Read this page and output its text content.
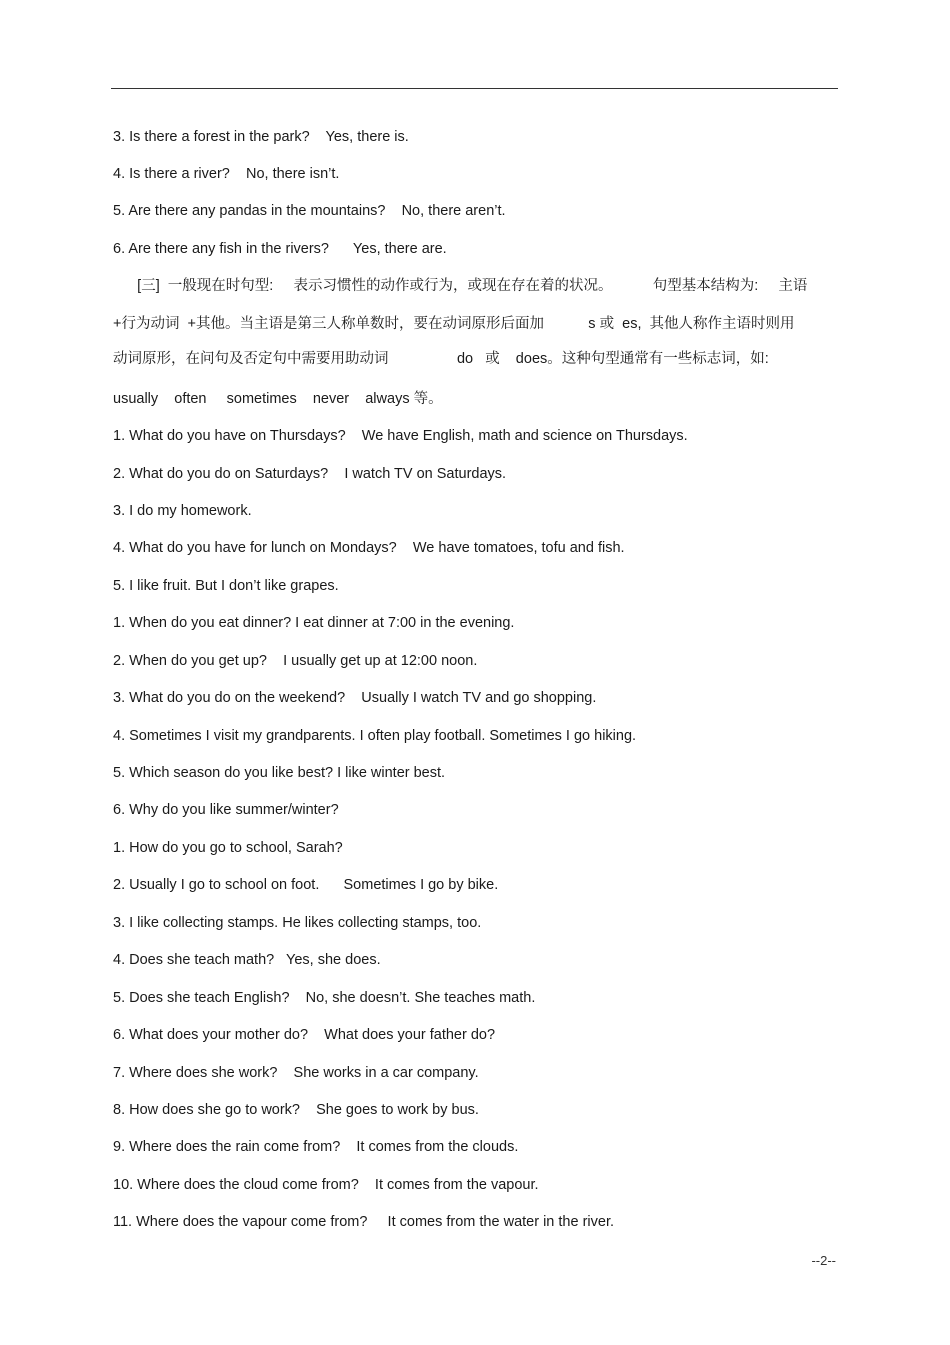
3. Is there a forest in the park?    Yes, there is.
4. Is there a river?    No, there isn’t.
5. Are there any pandas in the mountains?    No, there aren’t.
6. Are there any fish in the rivers?      Yes, there are.

[三]  一般现在时句型:     表示习惯性的动作或行为，或现在存在着的状况。          句型基本结构为:     主语

+行为动词  +其他。当主语是第三人称单数时，要在动词原形后面加           s 或  es,  其他人称作主语时则用

动词原形，在问句及否定句中需要用助动词                 do   或    does。这种句型通常有一些标志词，如:

usually    often     sometimes    never    always 等。

1. What do you have on Thursdays?    We have English, math and science on Thursdays.
2. What do you do on Saturdays?    I watch TV on Saturdays.
3. I do my homework.
4. What do you have for lunch on Mondays?    We have tomatoes, tofu and fish.
5. I like fruit. But I don’t like grapes.
1. When do you eat dinner? I eat dinner at 7:00 in the evening.
2. When do you get up?    I usually get up at 12:00 noon.
3. What do you do on the weekend?    Usually I watch TV and go shopping.
4. Sometimes I visit my grandparents. I often play football. Sometimes I go hiking.
5. Which season do you like best? I like winter best.
6. Why do you like summer/winter?
1. How do you go to school, Sarah?
2. Usually I go to school on foot.      Sometimes I go by bike.
3. I like collecting stamps. He likes collecting stamps, too.
4. Does she teach math?   Yes, she does.
5. Does she teach English?    No, she doesn’t. She teaches math.
6. What does your mother do?    What does your father do?
7. Where does she work?    She works in a car company.
8. How does she go to work?    She goes to work by bus.
9. Where does the rain come from?    It comes from the clouds.
10. Where does the cloud come from?    It comes from the vapour.
11. Where does the vapour come from?     It comes from the water in the river.
--2--
